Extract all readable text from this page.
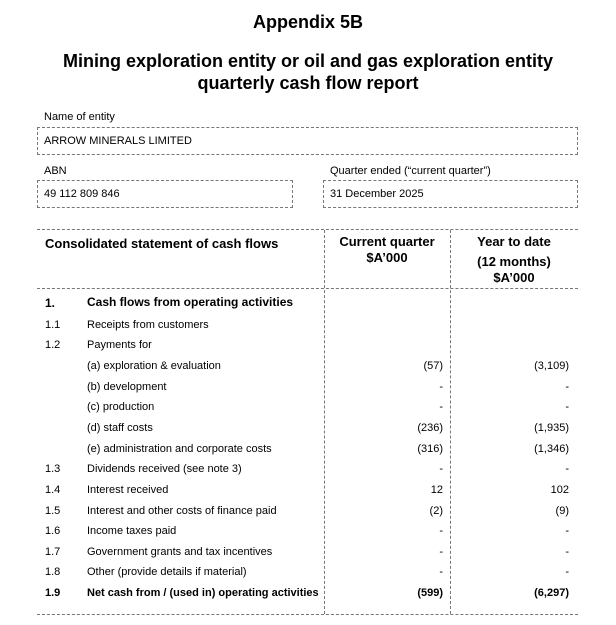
Appendix 5B
Mining exploration entity or oil and gas exploration entity
quarterly cash flow report
Name of entity
ARROW MINERALS LIMITED
ABN
49 112 809 846
Quarter ended (“current quarter”)
31 December 2025
Consolidated statement of cash flows	Current quarter
$A’000
Year to date
(12 months)
$A’000
1.	Cash flows from operating activities
1.1 Receipts from customers
1.2 Payments for
(a) exploration & evaluation	(57)	(3,109)
(b) development	-	-
(c) production	-	-
(d) staff costs	(236)	(1,935)
(e) administration and corporate costs	(316)	(1,346)
1.3 Dividends received (see note 3)	-	-
1.4 Interest received	12	102
1.5 Interest and other costs of finance paid	(2)	(9)
1.6 Income taxes paid	-	-
1.7 Government grants and tax incentives	-	-
1.8 Other (provide details if material)	-	-
1.9 Net cash from / (used in) operating activities	(599)	(6,297)
